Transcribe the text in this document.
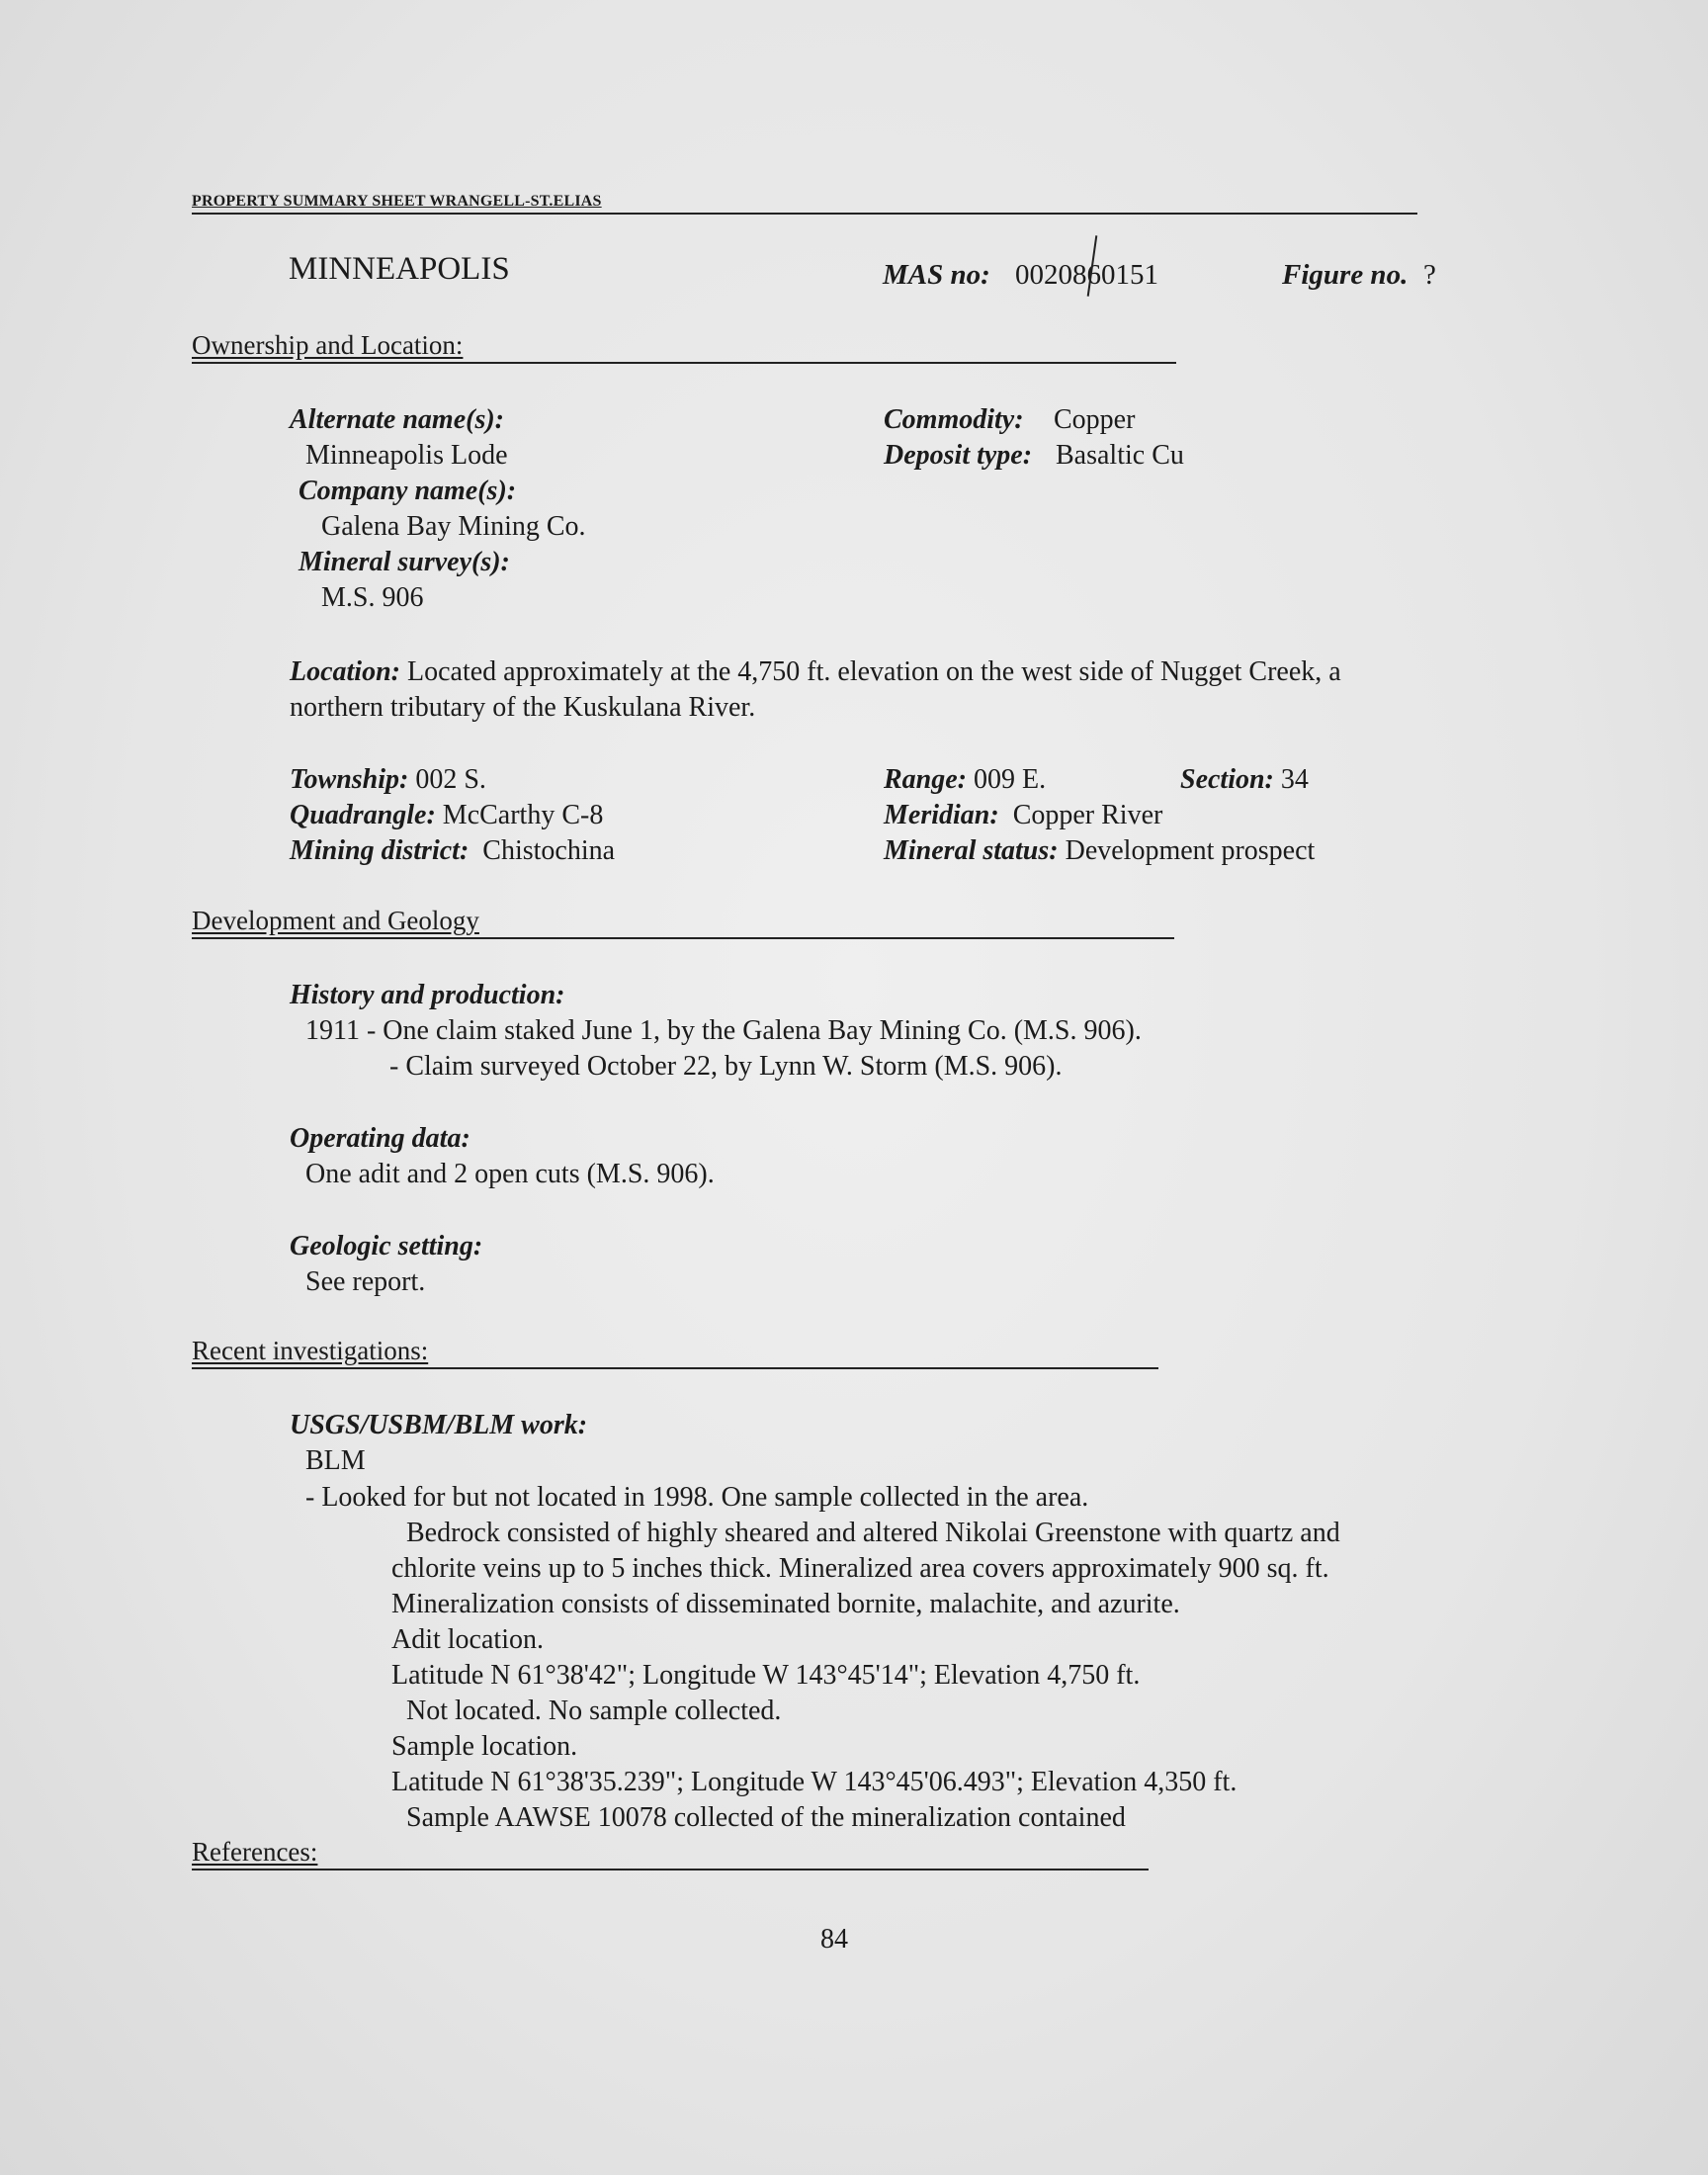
PROPERTY SUMMARY SHEET WRANGELL-ST.ELIAS
MINNEAPOLIS	MAS no: 0020860151	Figure no. ?
Ownership and Location:
Alternate name(s):
Minneapolis Lode
Company name(s):
Galena Bay Mining Co.
Mineral survey(s):
M.S. 906
Commodity: Copper
Deposit type: Basaltic Cu
Location: Located approximately at the 4,750 ft. elevation on the west side of Nugget Creek, a
northern tributary of the Kuskulana River.
Township: 002 S.
Quadrangle: McCarthy C-8
Mining district: Chistochina
Range: 009 E.	Section: 34
Meridian: Copper River
Mineral status: Development prospect
Development and Geology
History and production:
1911 - One claim staked June 1, by the Galena Bay Mining Co. (M.S. 906).
- Claim surveyed October 22, by Lynn W. Storm (M.S. 906).
Operating data:
One adit and 2 open cuts (M.S. 906).
Geologic setting:
See report.
Recent investigations:
USGS/USBM/BLM work:
BLM
- Looked for but not located in 1998. One sample collected in the area.
Bedrock consisted of highly sheared and altered Nikolai Greenstone with quartz and
chlorite veins up to 5 inches thick. Mineralized area covers approximately 900 sq. ft.
Mineralization consists of disseminated bornite, malachite, and azurite.
Adit location.
Latitude N 61°38'42"; Longitude W 143°45'14"; Elevation 4,750 ft.
Not located. No sample collected.
Sample location.
Latitude N 61°38'35.239"; Longitude W 143°45'06.493"; Elevation 4,350 ft.
Sample AAWSE 10078 collected of the mineralization contained
References:
84
